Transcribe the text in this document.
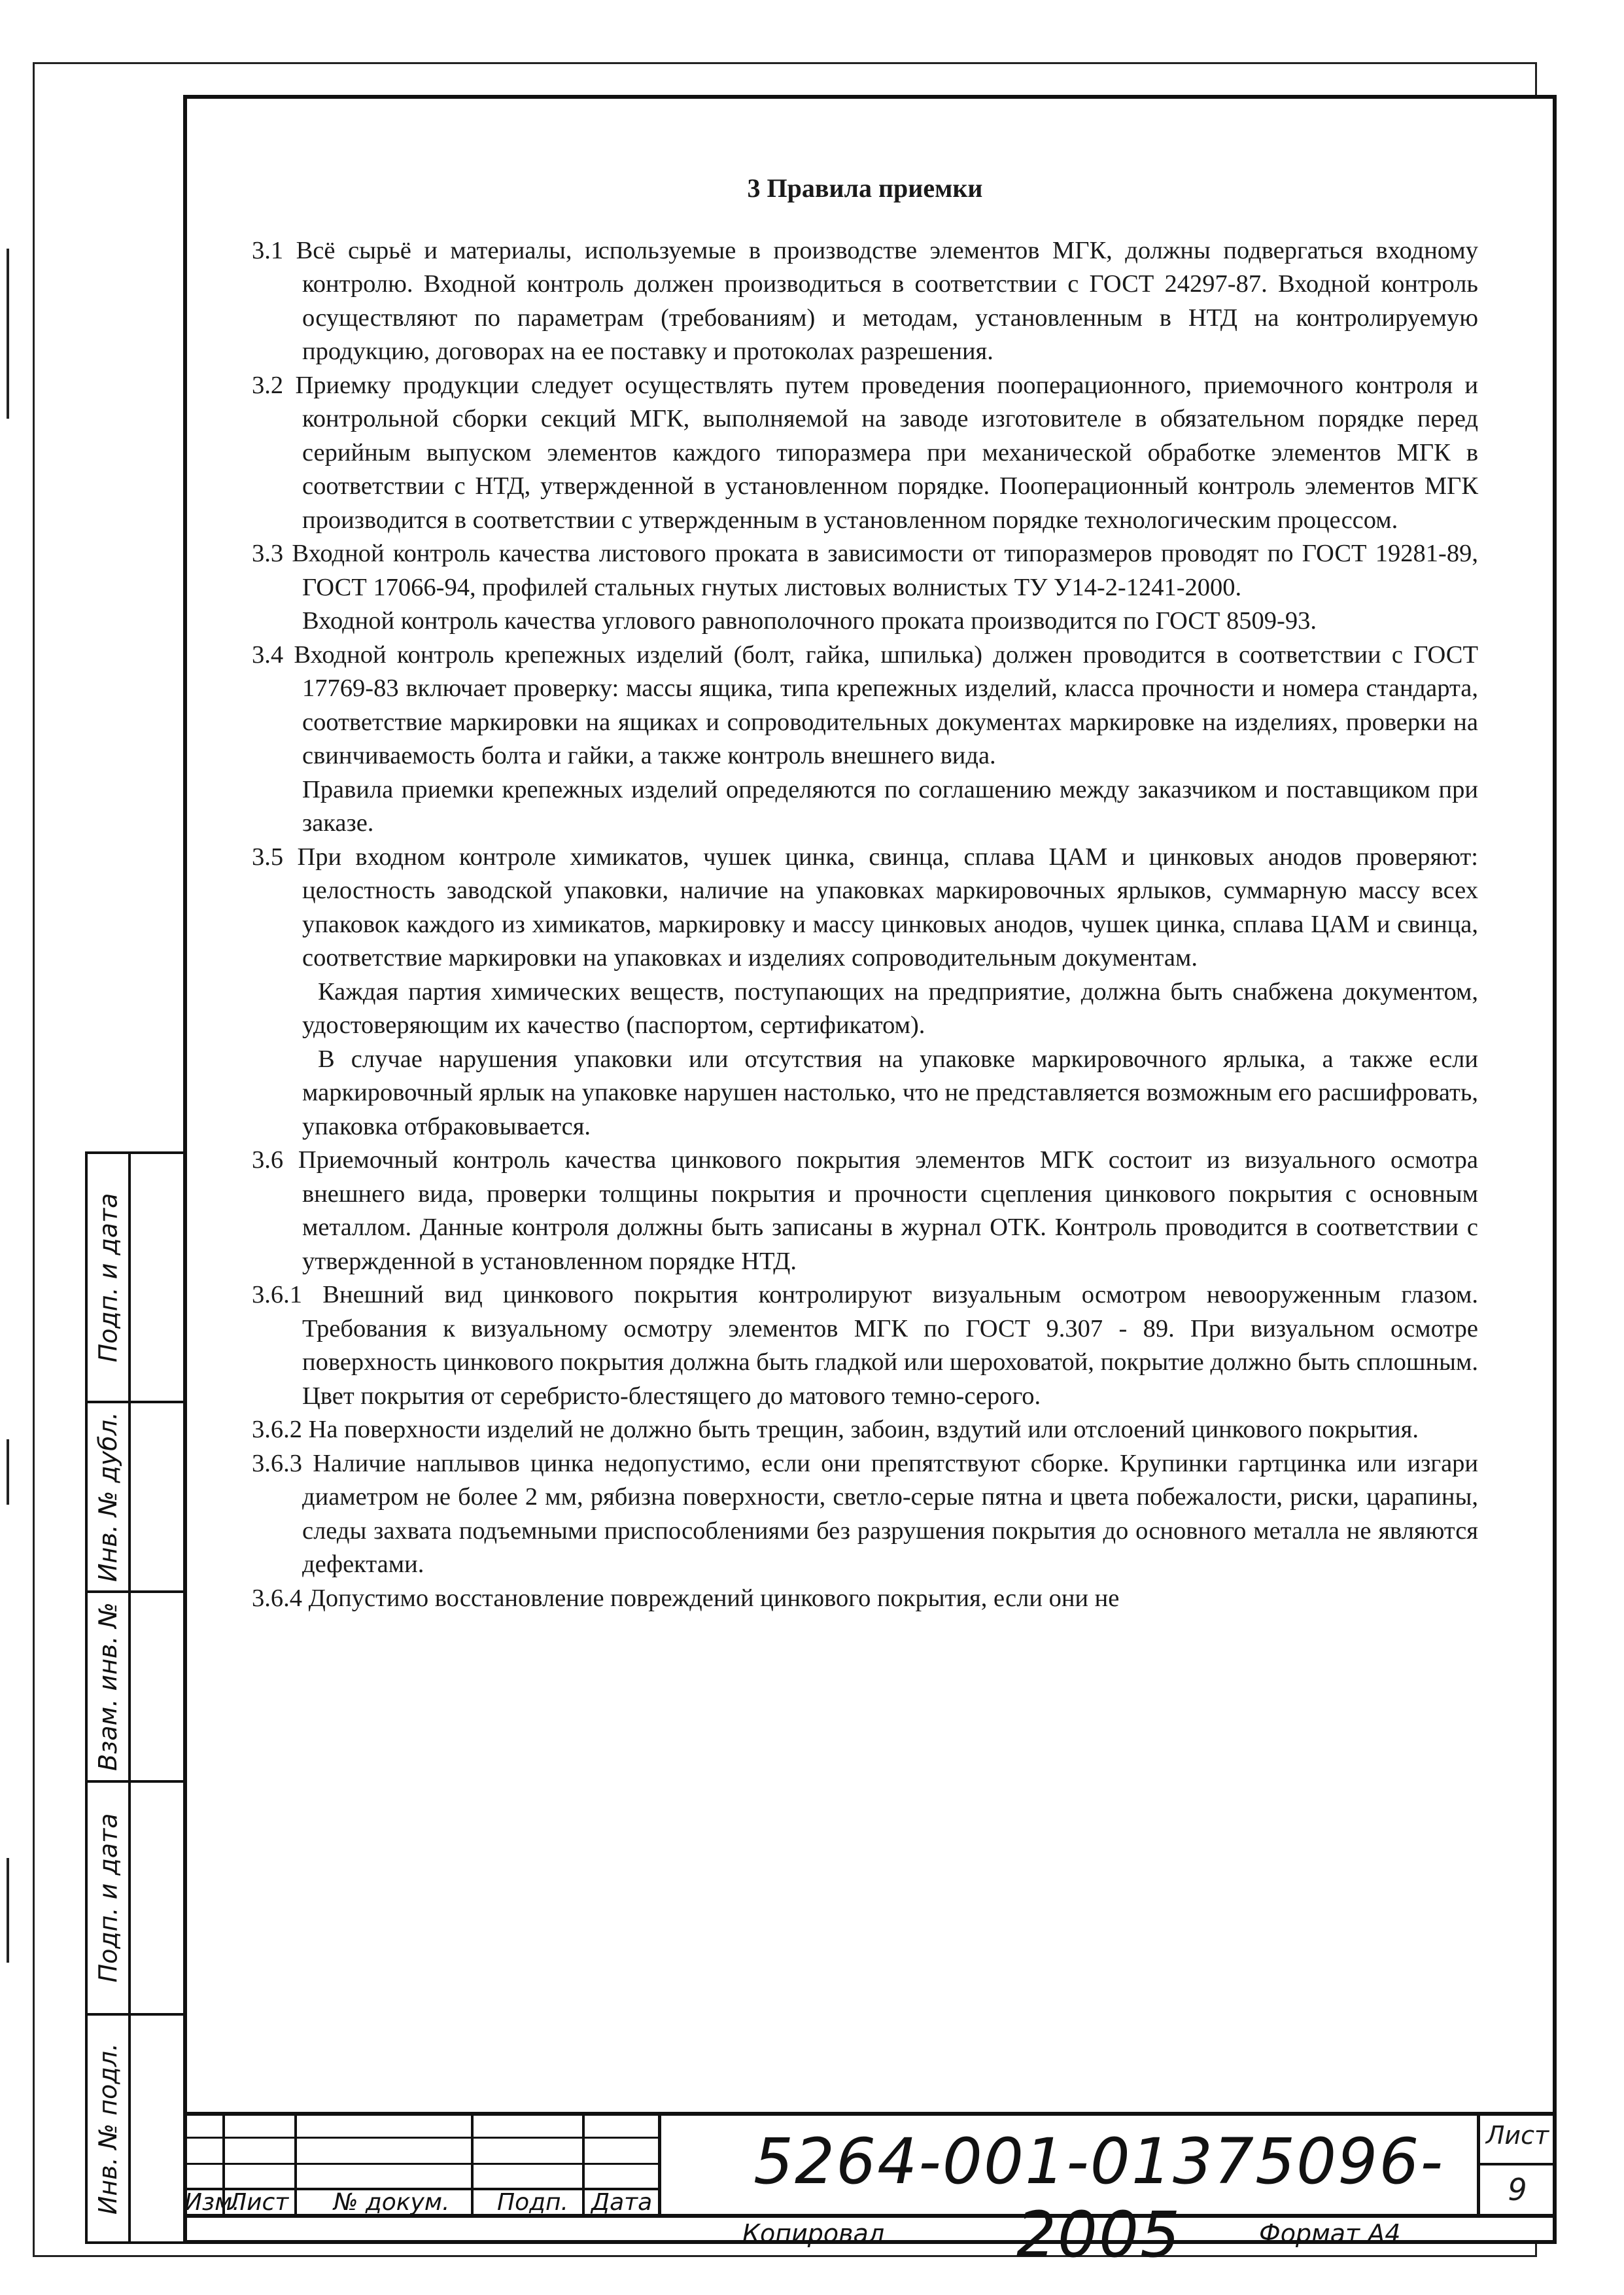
Подп. и дата
Инв. № дубл.
Взам. инв. №
Подп. и дата
Инв. № подл.
3 Правила приемки

3.1 Всё сырьё и материалы, используемые в производстве элементов МГК, должны подвергаться входному контролю. Входной контроль должен производиться в соответствии с ГОСТ 24297-87. Входной контроль осуществляют по параметрам (требованиям) и методам, установленным в НТД на контролируемую продукцию, договорах на ее поставку и протоколах разрешения.

3.2 Приемку продукции следует осуществлять путем проведения пооперационного, приемочного контроля и контрольной сборки секций МГК, выполняемой на заводе изготовителе в обязательном порядке перед серийным выпуском элементов каждого типоразмера при механической обработке элементов МГК в соответствии с НТД, утвержденной в установленном порядке. Пооперационный контроль элементов МГК производится в соответствии с утвержденным в установленном порядке технологическим процессом.

3.3 Входной контроль качества листового проката в зависимости от типоразмеров проводят по ГОСТ 19281-89, ГОСТ 17066-94, профилей стальных гнутых листовых волнистых ТУ У14-2-1241-2000.

Входной контроль качества углового равнополочного проката производится по ГОСТ 8509-93.

3.4 Входной контроль крепежных изделий (болт, гайка, шпилька) должен проводится в соответствии с ГОСТ 17769-83 включает проверку: массы ящика, типа крепежных изделий, класса прочности и номера стандарта, соответствие маркировки на ящиках и сопроводительных документах маркировке на изделиях, проверки на свинчиваемость болта и гайки, а также контроль внешнего вида.

Правила приемки крепежных изделий определяются по соглашению между заказчиком и поставщиком при заказе.

3.5 При входном контроле химикатов, чушек цинка, свинца, сплава ЦАМ и цинковых анодов проверяют: целостность заводской упаковки, наличие на упаковках маркировочных ярлыков, суммарную массу всех упаковок каждого из химикатов, маркировку и массу цинковых анодов, чушек цинка, сплава ЦАМ и свинца, соответствие маркировки на упаковках и изделиях сопроводительным документам.

Каждая партия химических веществ, поступающих на предприятие, должна быть снабжена документом, удостоверяющим их качество (паспортом, сертификатом).

В случае нарушения упаковки или отсутствия на упаковке маркировочного ярлыка, а также если маркировочный ярлык на упаковке нарушен настолько, что не представляется возможным его расшифровать, упаковка отбраковывается.

3.6 Приемочный контроль качества цинкового покрытия элементов МГК состоит из визуального осмотра внешнего вида, проверки толщины покрытия и прочности сцепления цинкового покрытия с основным металлом. Данные контроля должны быть записаны в журнал ОТК. Контроль проводится в соответствии с утвержденной в установленном порядке НТД.

3.6.1 Внешний вид цинкового покрытия контролируют визуальным осмотром невооруженным глазом. Требования к визуальному осмотру элементов МГК по ГОСТ 9.307 - 89. При визуальном осмотре поверхность цинкового покрытия должна быть гладкой или шероховатой, покрытие должно быть сплошным. Цвет покрытия от серебристо-блестящего до матового темно-серого.

3.6.2 На поверхности изделий не должно быть трещин, забоин, вздутий или отслоений цинкового покрытия.

3.6.3 Наличие наплывов цинка недопустимо, если они препятствуют сборке. Крупинки гартцинка или изгари диаметром не более 2 мм, рябизна поверхности, светло-серые пятна и цвета побежалости, риски, царапины, следы захвата подъемными приспособлениями без разрушения покрытия до основного металла не являются дефектами.

3.6.4 Допустимо восстановление повреждений цинкового покрытия, если они не

Изм.
Лист № докум. Подп. Дата
5264-001-01375096-2005
Лист
9
Копировал	Формат А4
